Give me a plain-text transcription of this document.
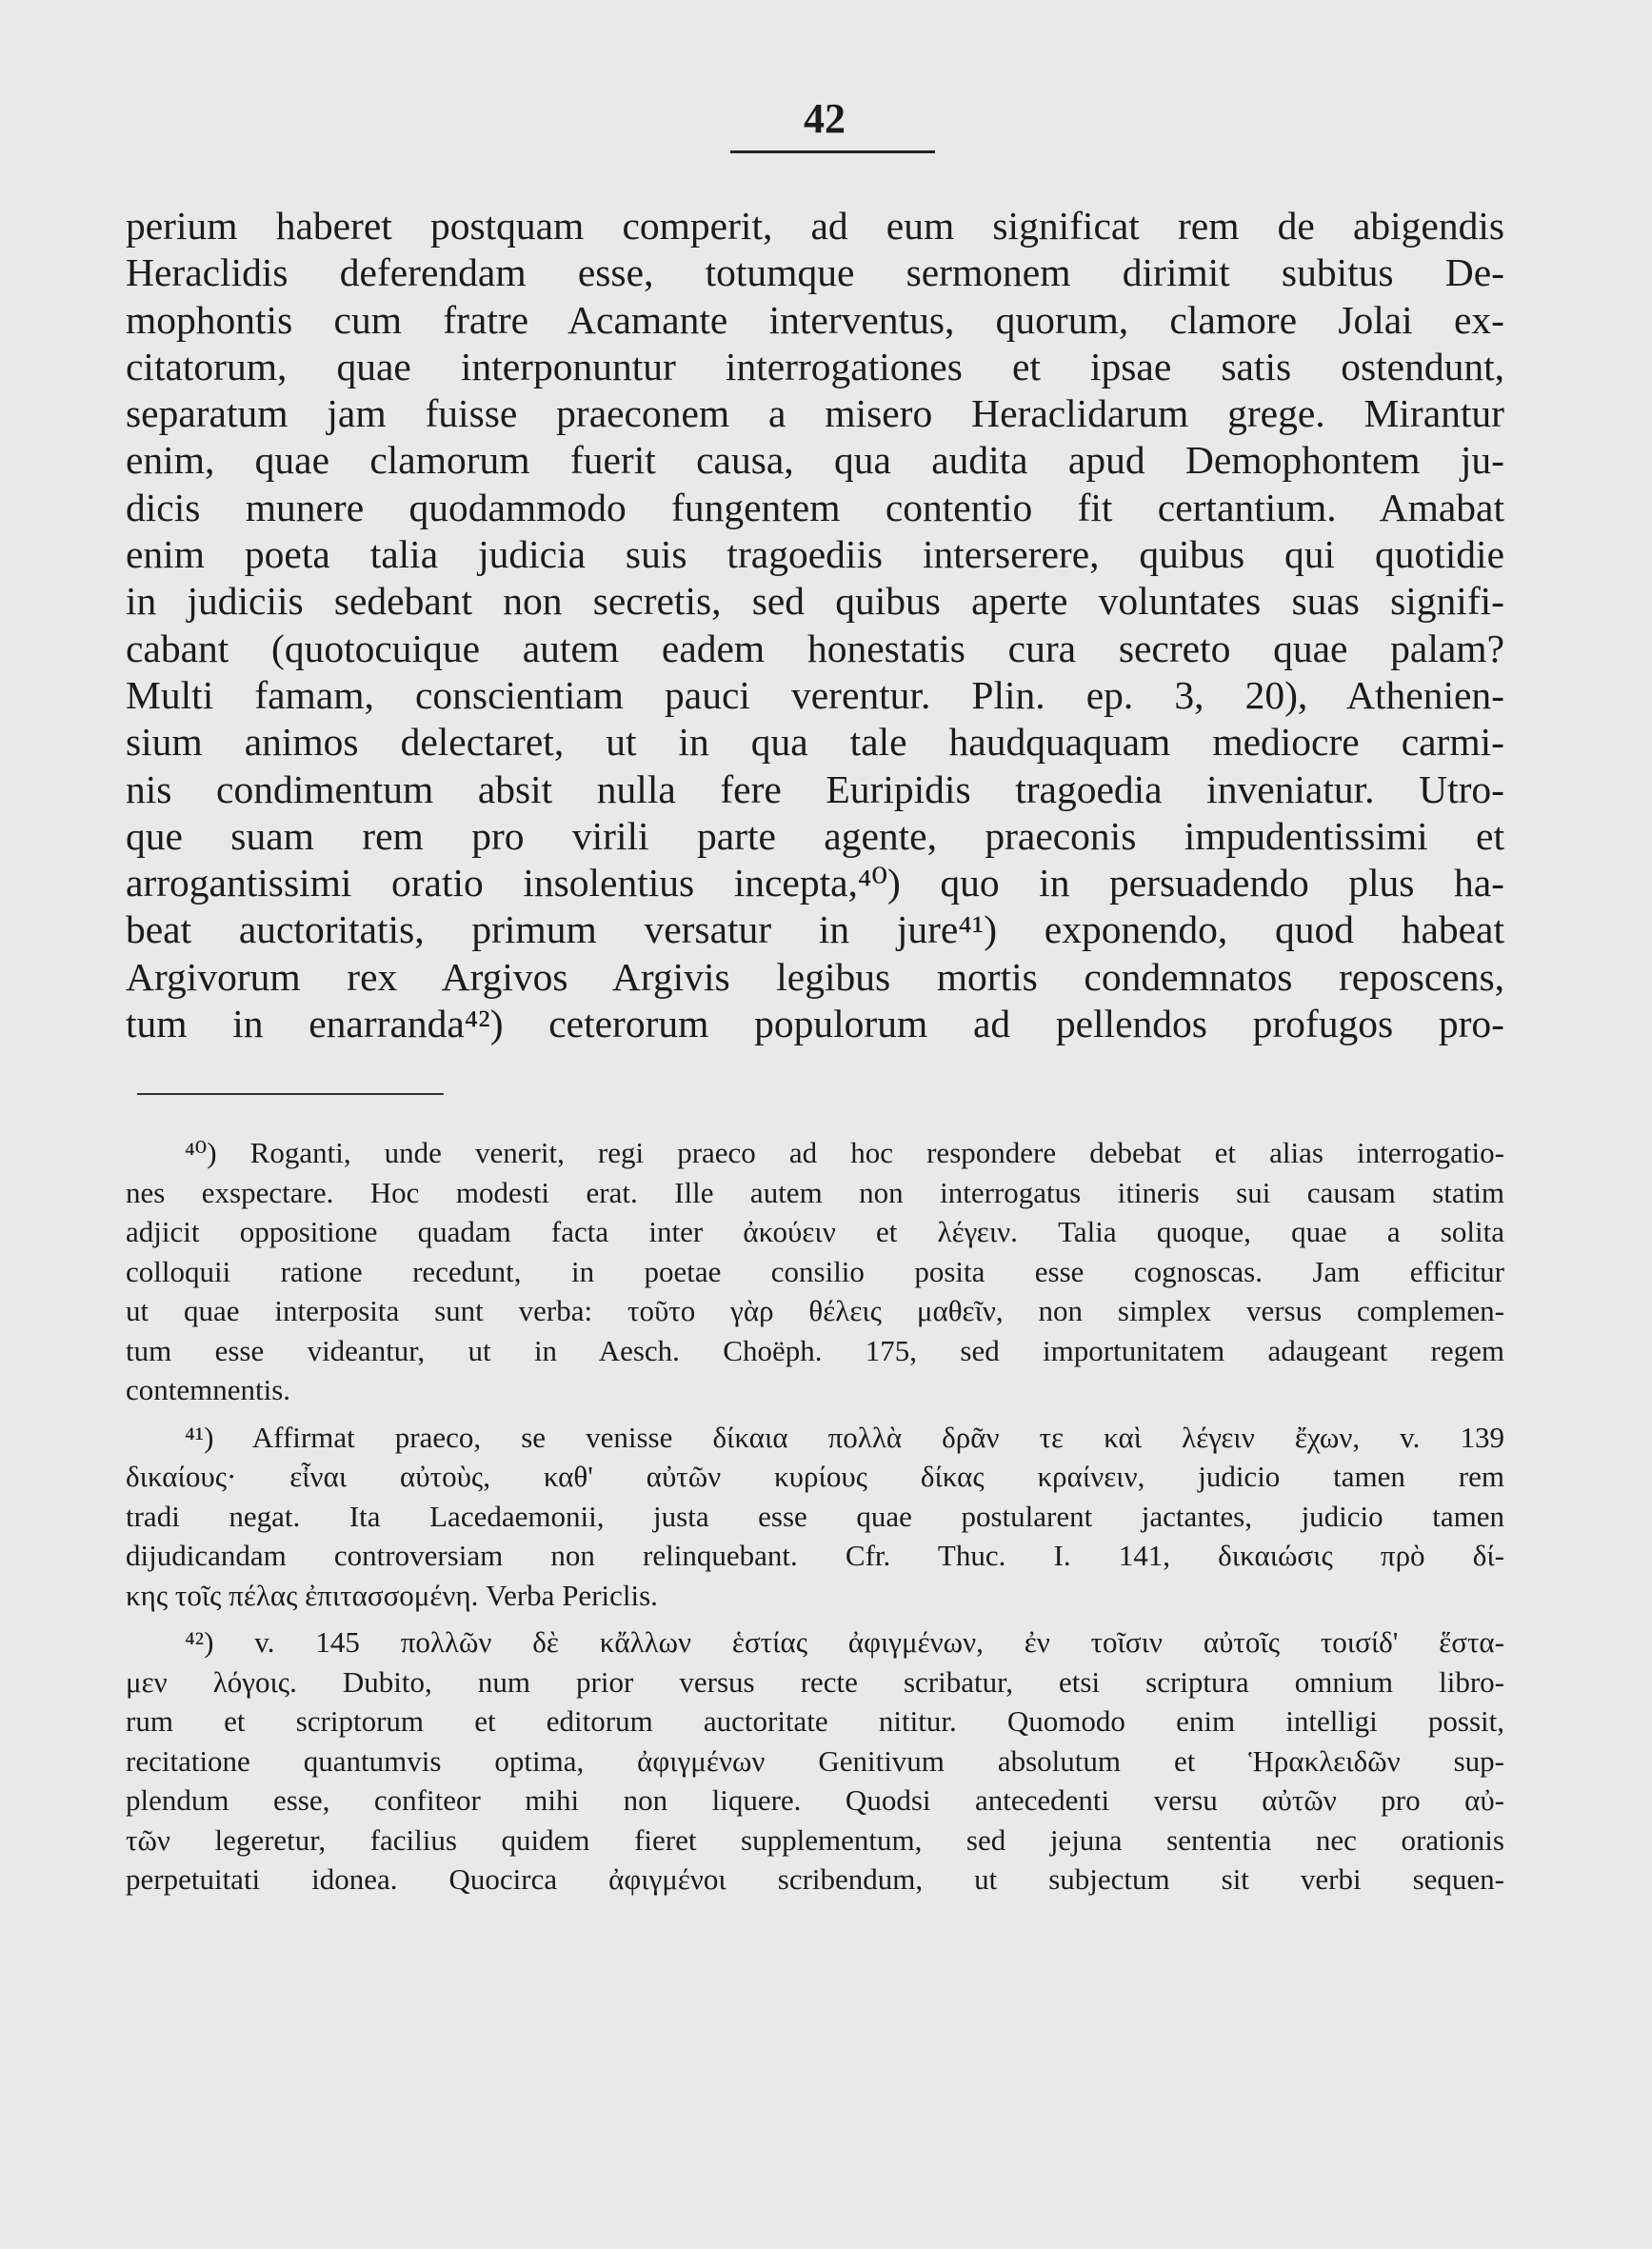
42

perium haberet postquam comperit, ad eum significat rem de abigendis

Heraclidis deferendam esse, totumque sermonem dirimit subitus De-

mophontis cum fratre Acamante interventus, quorum, clamore Jolai ex-

citatorum, quae interponuntur interrogationes et ipsae satis ostendunt,

separatum jam fuisse praeconem a misero Heraclidarum grege. Mirantur

enim, quae clamorum fuerit causa, qua audita apud Demophontem ju-

dicis munere quodammodo fungentem contentio fit certantium. Amabat

enim poeta talia judicia suis tragoediis interserere, quibus qui quotidie

in judiciis sedebant non secretis, sed quibus aperte voluntates suas signifi-

cabant (quotocuique autem eadem honestatis cura secreto quae palam?

Multi famam, conscientiam pauci verentur. Plin. ep. 3, 20), Athenien-

sium animos delectaret, ut in qua tale haudquaquam mediocre carmi-

nis condimentum absit nulla fere Euripidis tragoedia inveniatur. Utro-

que suam rem pro virili parte agente, praeconis impudentissimi et

arrogantissimi oratio insolentius incepta,⁴⁰) quo in persuadendo plus ha-

beat auctoritatis, primum versatur in jure⁴¹) exponendo, quod habeat

Argivorum rex Argivos Argivis legibus mortis condemnatos reposcens,

tum in enarranda⁴²) ceterorum populorum ad pellendos profugos pro-

⁴⁰) Roganti, unde venerit, regi praeco ad hoc respondere debebat et alias interrogatio-

nes exspectare. Hoc modesti erat. Ille autem non interrogatus itineris sui causam statim

adjicit oppositione quadam facta inter ἀκούειν et λέγειν. Talia quoque, quae a solita

colloquii ratione recedunt, in poetae consilio posita esse cognoscas. Jam efficitur

ut quae interposita sunt verba: τοῦτο γὰρ θέλεις μαθεῖν, non simplex versus complemen-

tum esse videantur, ut in Aesch. Choëph. 175, sed importunitatem adaugeant regem

contemnentis.

⁴¹) Affirmat praeco, se venisse δίκαια πολλὰ δρᾶν τε καὶ λέγειν ἔχων, v. 139

δικαίους· εἶναι αὐτοὺς, καθ' αὐτῶν κυρίους δίκας κραίνειν, judicio tamen rem

tradi negat. Ita Lacedaemonii, justa esse quae postularent jactantes, judicio tamen

dijudicandam controversiam non relinquebant. Cfr. Thuc. I. 141, δικαιώσις πρὸ δί-

κης τοῖς πέλας ἐπιτασσομένη. Verba Periclis.

⁴²) v. 145 πολλῶν δὲ κἄλλων ἑστίας ἀφιγμένων, ἐν τοῖσιν αὐτοῖς τοισίδ' ἕστα-

μεν λόγοις. Dubito, num prior versus recte scribatur, etsi scriptura omnium libro-

rum et scriptorum et editorum auctoritate nititur. Quomodo enim intelligi possit,

recitatione quantumvis optima, ἀφιγμένων Genitivum absolutum et Ἡρακλειδῶν sup-

plendum esse, confiteor mihi non liquere. Quodsi antecedenti versu αὐτῶν pro αὐ-

τῶν legeretur, facilius quidem fieret supplementum, sed jejuna sententia nec orationis

perpetuitati idonea. Quocirca ἀφιγμένοι scribendum, ut subjectum sit verbi sequen-
